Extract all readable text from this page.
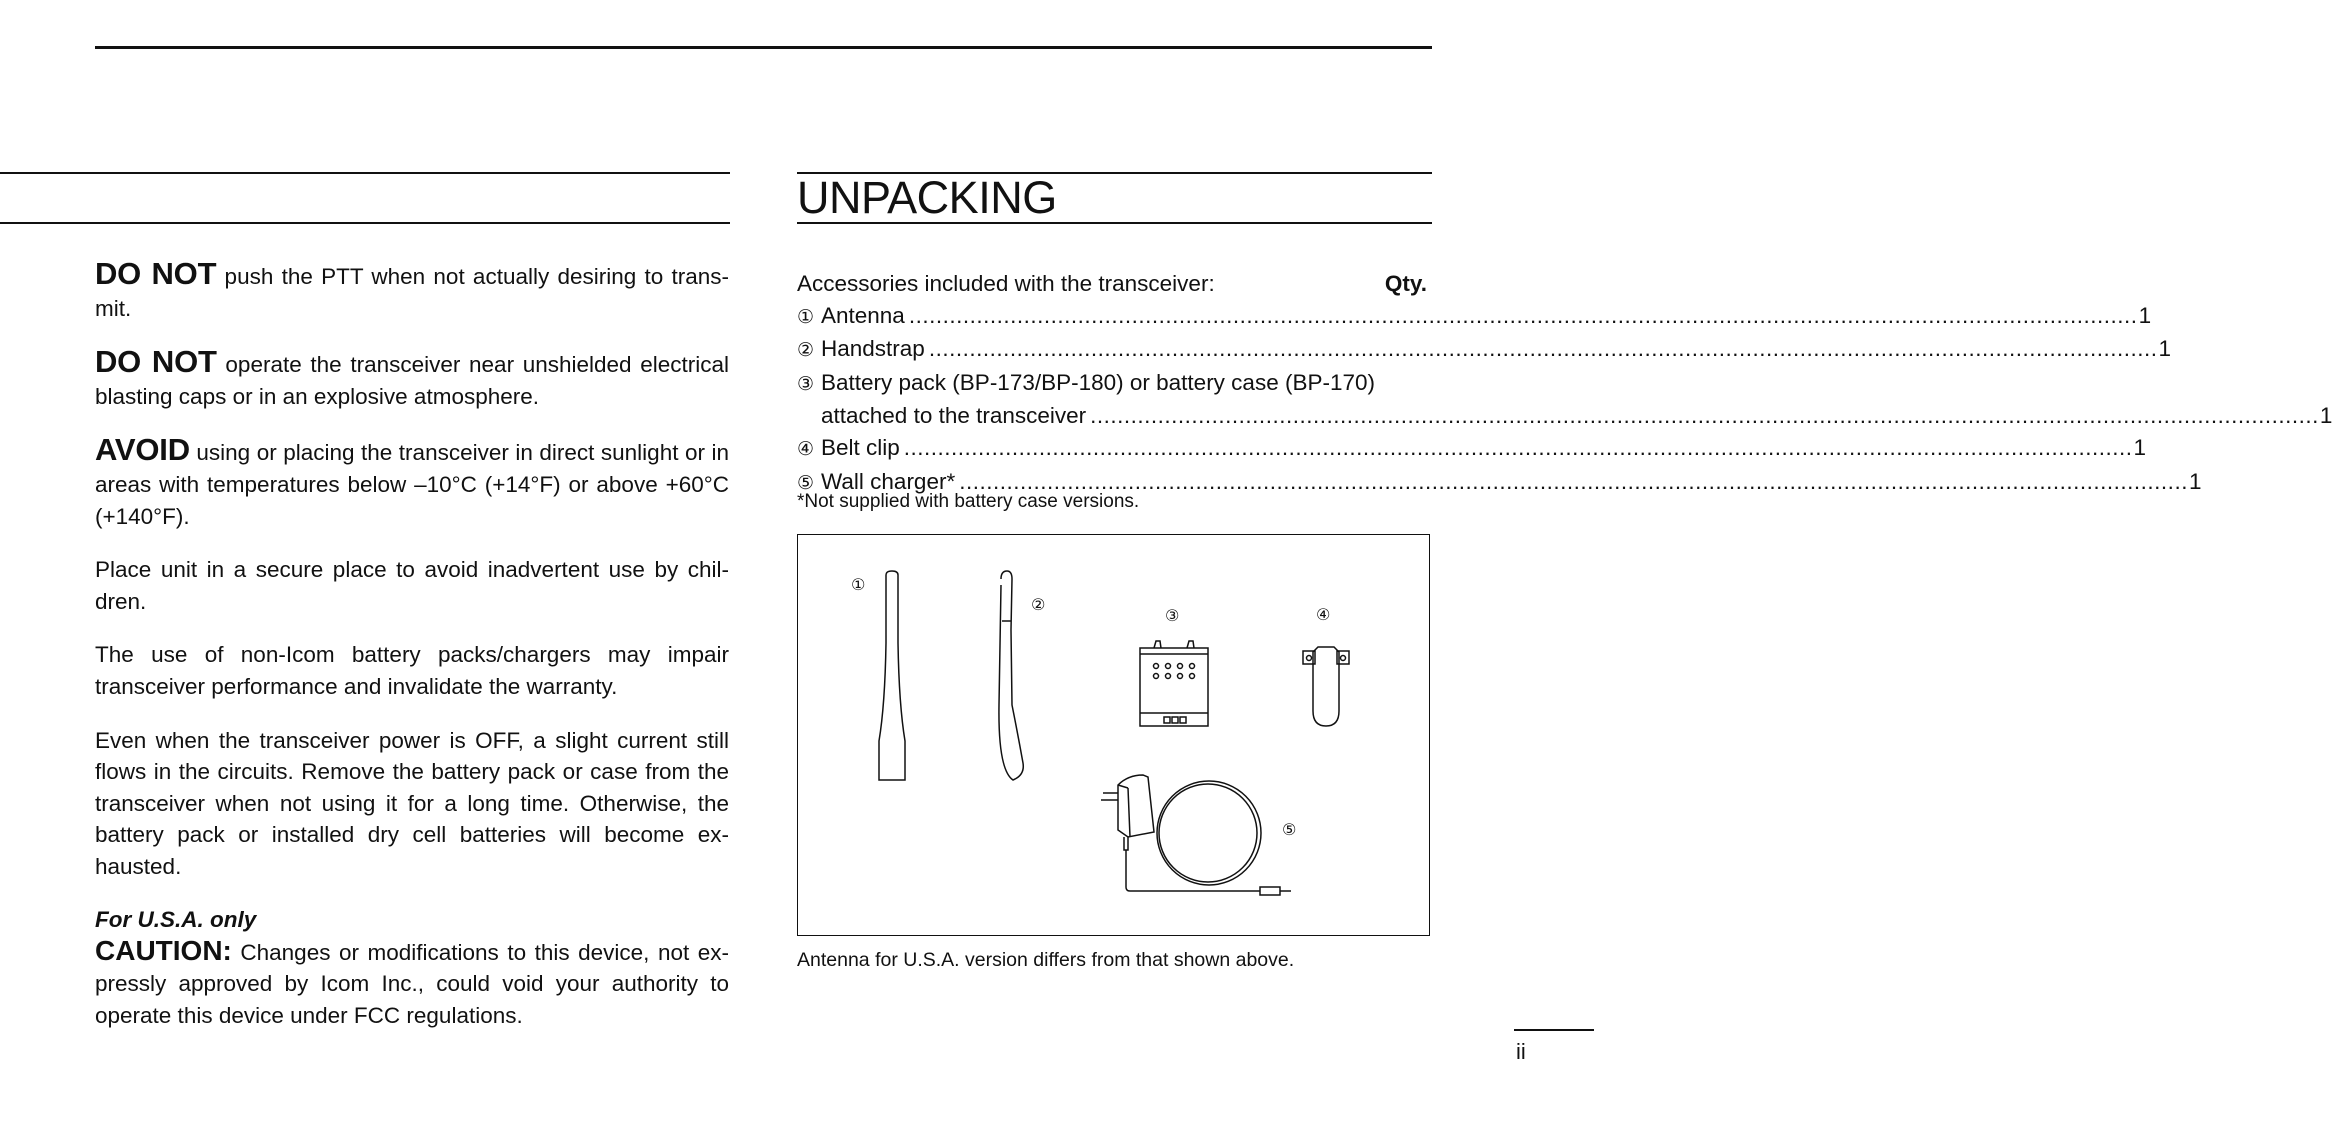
DO NOT push the PTT when not actually desiring to trans-mit.

DO NOT operate the transceiver near unshielded electrical blasting caps or in an explosive atmosphere.

AVOID using or placing the transceiver in direct sunlight or in areas with temperatures below –10°C (+14°F) or above +60°C (+140°F).

Place unit in a secure place to avoid inadvertent use by chil-dren.

The use of non-Icom battery packs/chargers may impair transceiver performance and invalidate the warranty.

Even when the transceiver power is OFF, a slight current still ﬂows in the circuits. Remove the battery pack or case from the transceiver when not using it for a long time. Otherwise, the battery pack or installed dry cell batteries will become ex-hausted.

For U.S.A. only

CAUTION: Changes or modiﬁcations to this device, not ex-pressly approved by Icom Inc., could void your authority to operate this device under FCC regulations.

UNPACKING
Accessories included with the transceiver:	Qty.
① Antenna ...................................................................................................................................................................................... 1
② Handstrap ...................................................................................................................................................................................... 1
③ Battery pack (BP-173/BP-180) or battery case (BP-170)
attached to the transceiver ...................................................................................................................................................................................... 1
④ Belt clip ...................................................................................................................................................................................... 1
⑤ Wall charger* ...................................................................................................................................................................................... 1
*Not supplied with battery case versions.
①
②
③	④
⑤
Antenna for U.S.A. version differs from that shown above.
ii
